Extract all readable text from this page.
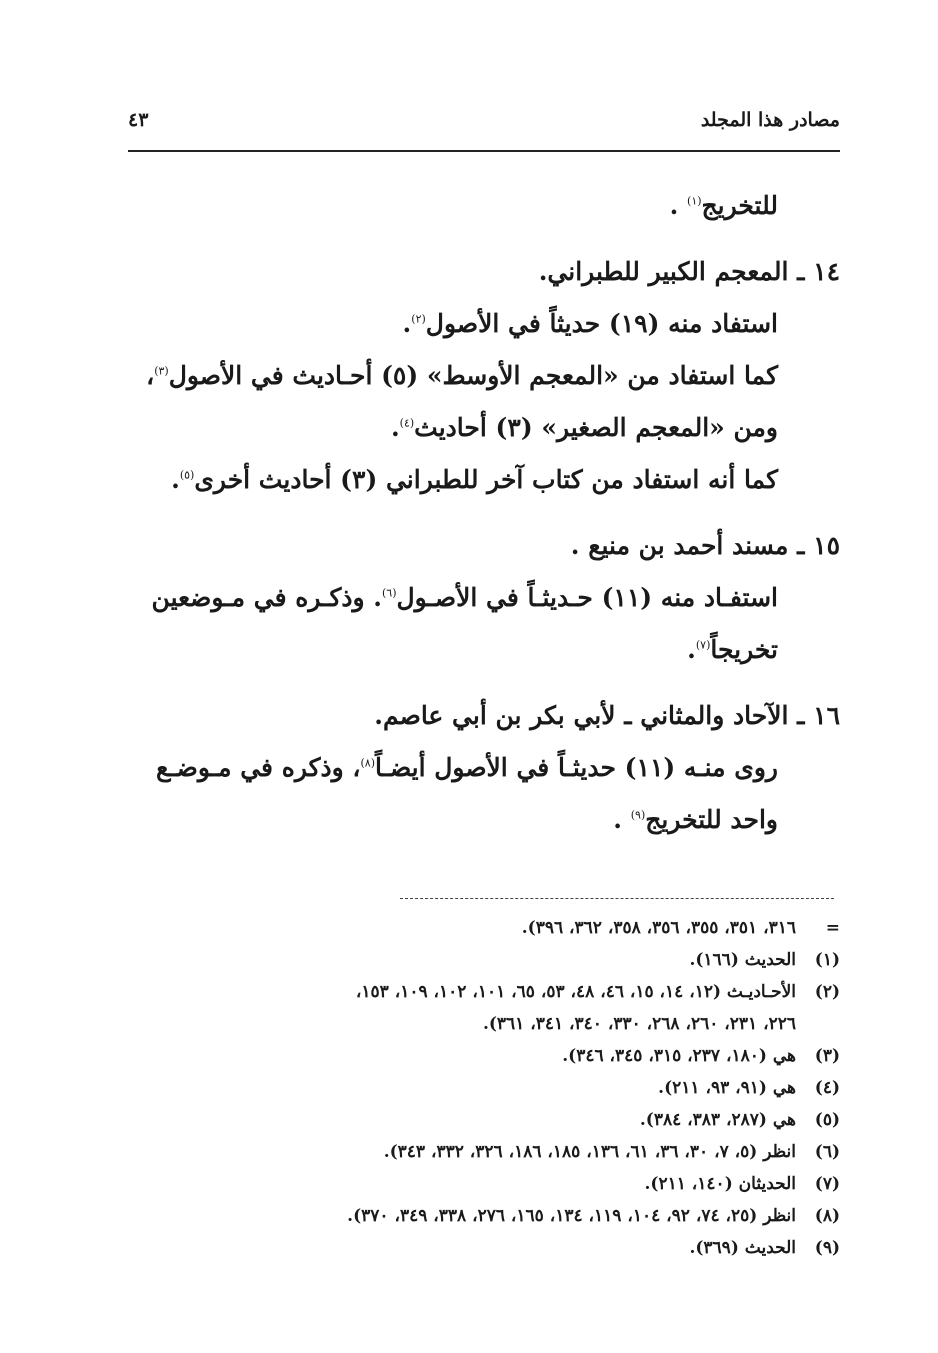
مصادر هذا المجلد
٤٣
للتخريج$^{(١)}$ .
١٤ ـ المعجم الكبير للطبراني.
استفاد منه (١٩) حديثاً في الأصول$^{(٢)}$.
كما استفاد من «المعجم الأوسط» (٥) أحـاديث في الأصول$^{(٣)}$،
ومن «المعجم الصغير» (٣) أحاديث$^{(٤)}$.
كما أنه استفاد من كتاب آخر للطبراني (٣) أحاديث أخرى$^{(٥)}$.
١٥ ـ مسند أحمد بن منيع .
استفـاد منه (١١) حـديثـاً في الأصـول$^{(٦)}$. وذكـره في مـوضعين
تخريجاً$^{(٧)}$.
١٦ ـ الآحاد والمثاني ـ لأبي بكر بن أبي عاصم.
روى منـه (١١) حديثـاً في الأصول أيضـاً$^{(٨)}$، وذكره في مـوضـع
واحد للتخريج$^{(٩)}$ .
=
٣١٦، ٣٥١، ٣٥٥، ٣٥٦، ٣٥٨، ٣٦٢، ٣٩٦).
(١)
الحديث (١٦٦).
(٢)
الأحـاديـث (١٢، ١٤، ١٥، ٤٦، ٤٨، ٥٣، ٦٥، ١٠١، ١٠٢، ١٠٩، ١٥٣،
٢٢٦، ٢٣١، ٢٦٠، ٢٦٨، ٣٣٠، ٣٤٠، ٣٤١، ٣٦١).
(٣)
هي (١٨٠، ٢٣٧، ٣١٥، ٣٤٥، ٣٤٦).
(٤)
هي (٩١، ٩٣، ٢١١).
(٥)
هي (٢٨٧، ٣٨٣، ٣٨٤).
(٦)
انظر (٥، ٧، ٣٠، ٣٦، ٦١، ١٣٦، ١٨٥، ١٨٦، ٣٢٦، ٣٣٢، ٣٤٣).
(٧)
الحديثان (١٤٠، ٢١١).
(٨)
انظر (٢٥، ٧٤، ٩٢، ١٠٤، ١١٩، ١٣٤، ١٦٥، ٢٧٦، ٣٣٨، ٣٤٩، ٣٧٠).
(٩)
الحديث (٣٦٩).
